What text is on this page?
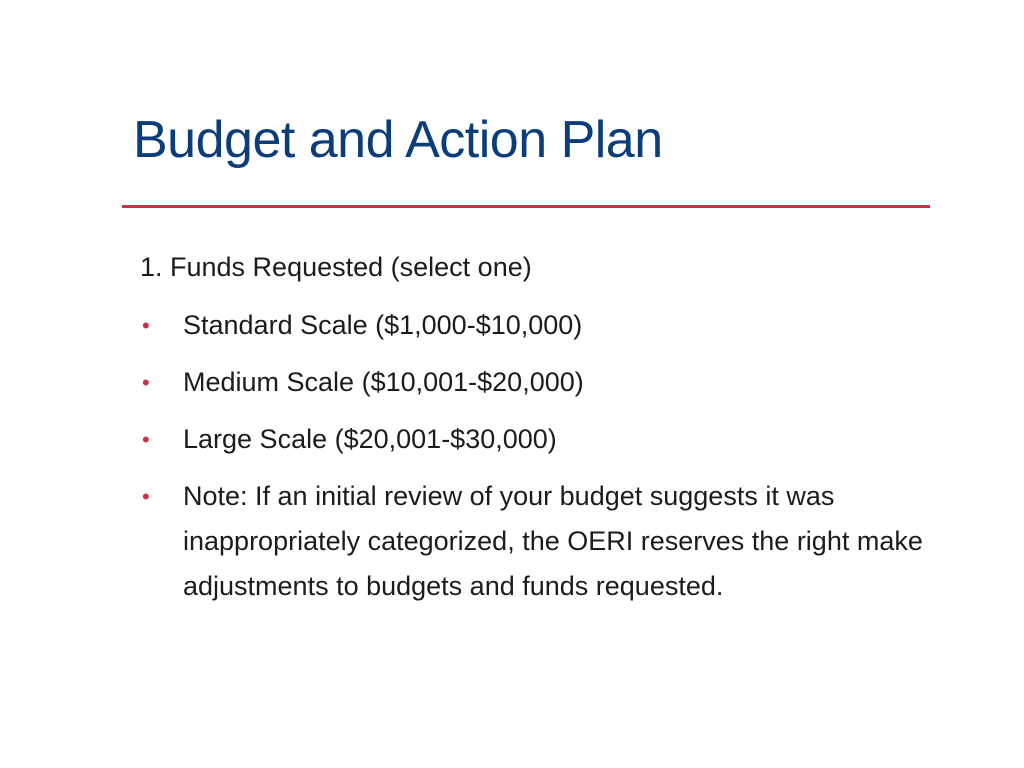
Budget and Action Plan
1. Funds Requested (select one)
• Standard Scale ($1,000-$10,000)
• Medium Scale ($10,001-$20,000)
• Large Scale ($20,001-$30,000)
• Note: If an initial review of your budget suggests it was inappropriately categorized, the OERI reserves the right make adjustments to budgets and funds requested.
